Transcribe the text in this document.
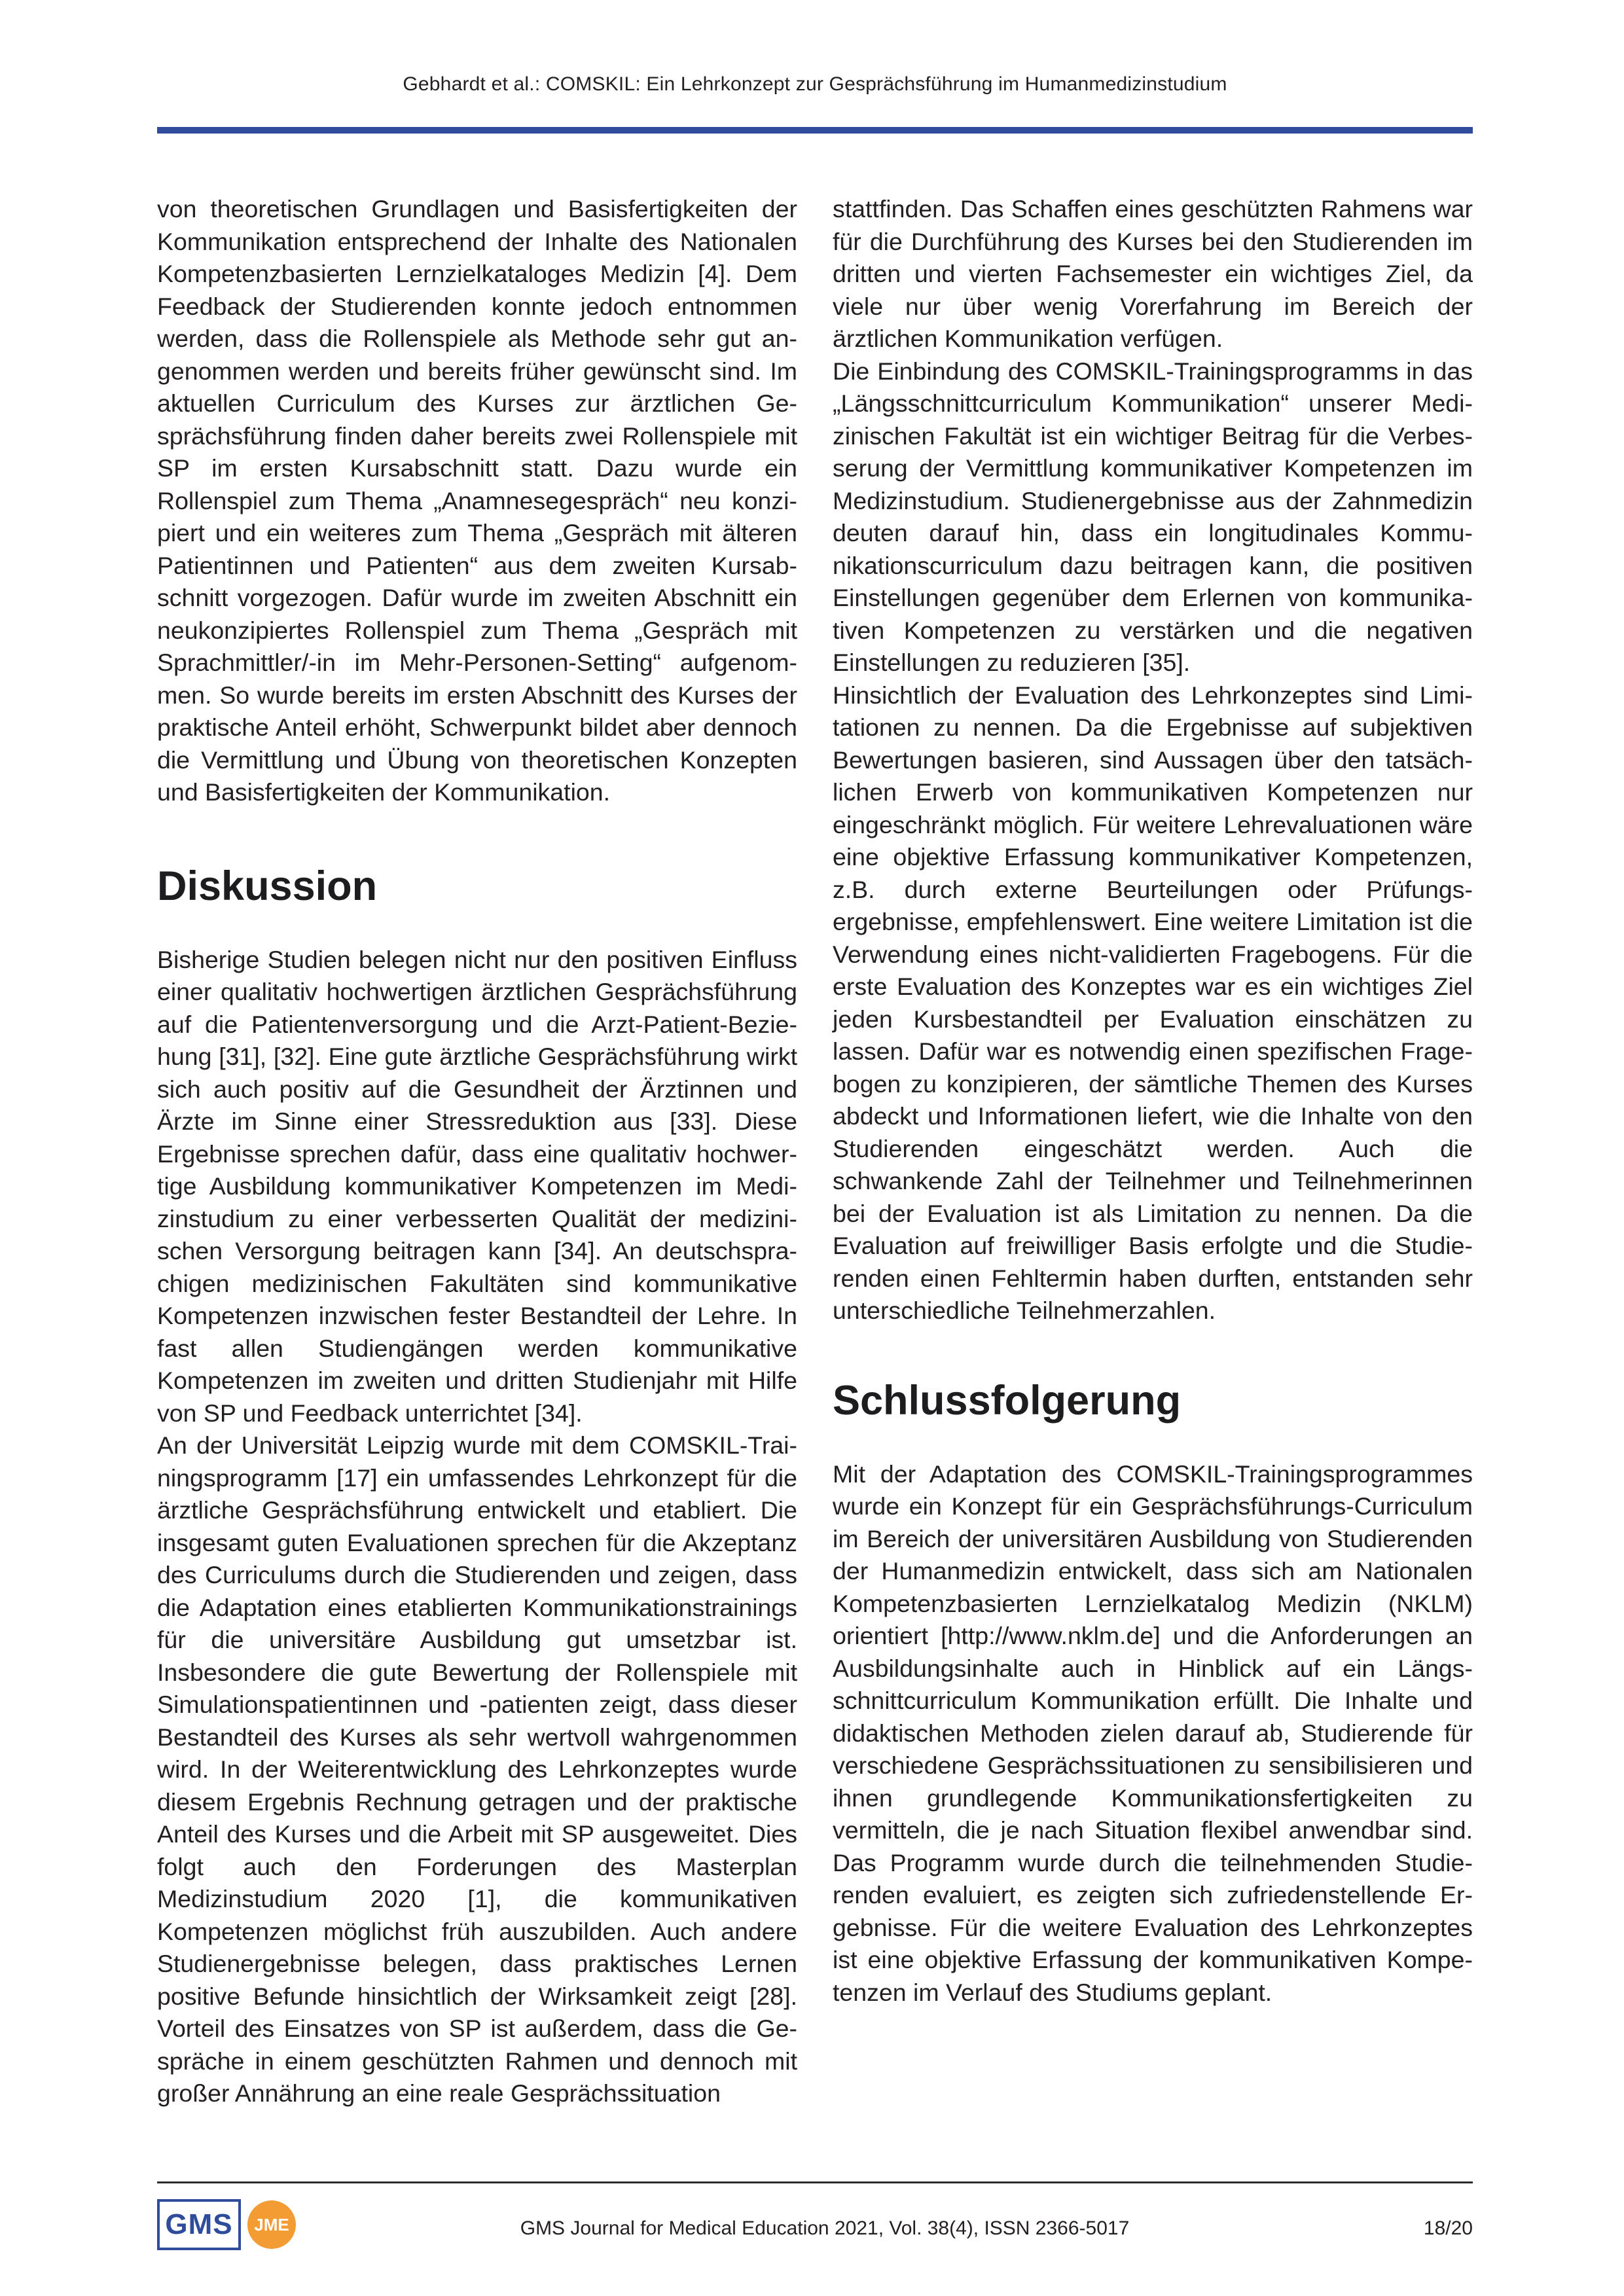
Gebhardt et al.: COMSKIL: Ein Lehrkonzept zur Gesprächsführung im Humanmedizinstudium

von theoretischen Grundlagen und Basisfertigkeiten der Kommunikation entsprechend der Inhalte des Nationalen Kompetenzbasierten Lernzielkataloges Medizin [4]. Dem Feedback der Studierenden konnte jedoch entnommen werden, dass die Rollenspiele als Methode sehr gut angenommen werden und bereits früher gewünscht sind. Im aktuellen Curriculum des Kurses zur ärztlichen Gesprächsführung finden daher bereits zwei Rollenspiele mit SP im ersten Kursabschnitt statt. Dazu wurde ein Rollenspiel zum Thema „Anamnesegespräch“ neu konzipiert und ein weiteres zum Thema „Gespräch mit älteren Patientinnen und Patienten“ aus dem zweiten Kursabschnitt vorgezogen. Dafür wurde im zweiten Abschnitt ein neukonzipiertes Rollenspiel zum Thema „Gespräch mit Sprachmittler/-in im Mehr-Personen-Setting“ aufgenommen. So wurde bereits im ersten Abschnitt des Kurses der praktische Anteil erhöht, Schwerpunkt bildet aber dennoch die Vermittlung und Übung von theoretischen Konzepten und Basisfertigkeiten der Kommunikation.

Diskussion

Bisherige Studien belegen nicht nur den positiven Einfluss einer qualitativ hochwertigen ärztlichen Gesprächsführung auf die Patientenversorgung und die Arzt-Patient-Beziehung [31], [32]. Eine gute ärztliche Gesprächsführung wirkt sich auch positiv auf die Gesundheit der Ärztinnen und Ärzte im Sinne einer Stressreduktion aus [33]. Diese Ergebnisse sprechen dafür, dass eine qualitativ hochwertige Ausbildung kommunikativer Kompetenzen im Medizinstudium zu einer verbesserten Qualität der medizinischen Versorgung beitragen kann [34]. An deutschsprachigen medizinischen Fakultäten sind kommunikative Kompetenzen inzwischen fester Bestandteil der Lehre. In fast allen Studiengängen werden kommunikative Kompetenzen im zweiten und dritten Studienjahr mit Hilfe von SP und Feedback unterrichtet [34].

An der Universität Leipzig wurde mit dem COMSKIL-Trainingsprogramm [17] ein umfassendes Lehrkonzept für die ärztliche Gesprächsführung entwickelt und etabliert. Die insgesamt guten Evaluationen sprechen für die Akzeptanz des Curriculums durch die Studierenden und zeigen, dass die Adaptation eines etablierten Kommunikationstrainings für die universitäre Ausbildung gut umsetzbar ist. Insbesondere die gute Bewertung der Rollenspiele mit Simulationspatientinnen und -patienten zeigt, dass dieser Bestandteil des Kurses als sehr wertvoll wahrgenommen wird. In der Weiterentwicklung des Lehrkonzeptes wurde diesem Ergebnis Rechnung getragen und der praktische Anteil des Kurses und die Arbeit mit SP ausgeweitet. Dies folgt auch den Forderungen des Masterplan Medizinstudium 2020 [1], die kommunikativen Kompetenzen möglichst früh auszubilden. Auch andere Studienergebnisse belegen, dass praktisches Lernen positive Befunde hinsichtlich der Wirksamkeit zeigt [28]. Vorteil des Einsatzes von SP ist außerdem, dass die Gespräche in einem geschützten Rahmen und dennoch mit großer Annährung an eine reale Gesprächssituation

stattfinden. Das Schaffen eines geschützten Rahmens war für die Durchführung des Kurses bei den Studierenden im dritten und vierten Fachsemester ein wichtiges Ziel, da viele nur über wenig Vorerfahrung im Bereich der ärztlichen Kommunikation verfügen.

Die Einbindung des COMSKIL-Trainingsprogramms in das „Längsschnittcurriculum Kommunikation“ unserer Medizinischen Fakultät ist ein wichtiger Beitrag für die Verbesserung der Vermittlung kommunikativer Kompetenzen im Medizinstudium. Studienergebnisse aus der Zahnmedizin deuten darauf hin, dass ein longitudinales Kommunikationscurriculum dazu beitragen kann, die positiven Einstellungen gegenüber dem Erlernen von kommunikativen Kompetenzen zu verstärken und die negativen Einstellungen zu reduzieren [35].

Hinsichtlich der Evaluation des Lehrkonzeptes sind Limitationen zu nennen. Da die Ergebnisse auf subjektiven Bewertungen basieren, sind Aussagen über den tatsächlichen Erwerb von kommunikativen Kompetenzen nur eingeschränkt möglich. Für weitere Lehrevaluationen wäre eine objektive Erfassung kommunikativer Kompetenzen, z.B. durch externe Beurteilungen oder Prüfungsergebnisse, empfehlenswert. Eine weitere Limitation ist die Verwendung eines nicht-validierten Fragebogens. Für die erste Evaluation des Konzeptes war es ein wichtiges Ziel jeden Kursbestandteil per Evaluation einschätzen zu lassen. Dafür war es notwendig einen spezifischen Fragebogen zu konzipieren, der sämtliche Themen des Kurses abdeckt und Informationen liefert, wie die Inhalte von den Studierenden eingeschätzt werden. Auch die schwankende Zahl der Teilnehmer und Teilnehmerinnen bei der Evaluation ist als Limitation zu nennen. Da die Evaluation auf freiwilliger Basis erfolgte und die Studierenden einen Fehltermin haben durften, entstanden sehr unterschiedliche Teilnehmerzahlen.

Schlussfolgerung

Mit der Adaptation des COMSKIL-Trainingsprogrammes wurde ein Konzept für ein Gesprächsführungs-Curriculum im Bereich der universitären Ausbildung von Studierenden der Humanmedizin entwickelt, dass sich am Nationalen Kompetenzbasierten Lernzielkatalog Medizin (NKLM) orientiert [http://www.nklm.de] und die Anforderungen an Ausbildungsinhalte auch in Hinblick auf ein Längsschnittcurriculum Kommunikation erfüllt. Die Inhalte und didaktischen Methoden zielen darauf ab, Studierende für verschiedene Gesprächssituationen zu sensibilisieren und ihnen grundlegende Kommunikationsfertigkeiten zu vermitteln, die je nach Situation flexibel anwendbar sind. Das Programm wurde durch die teilnehmenden Studierenden evaluiert, es zeigten sich zufriedenstellende Ergebnisse. Für die weitere Evaluation des Lehrkonzeptes ist eine objektive Erfassung der kommunikativen Kompetenzen im Verlauf des Studiums geplant.

GMS	JME	GMS Journal for Medical Education 2021, Vol. 38(4), ISSN 2366-5017	18/20
